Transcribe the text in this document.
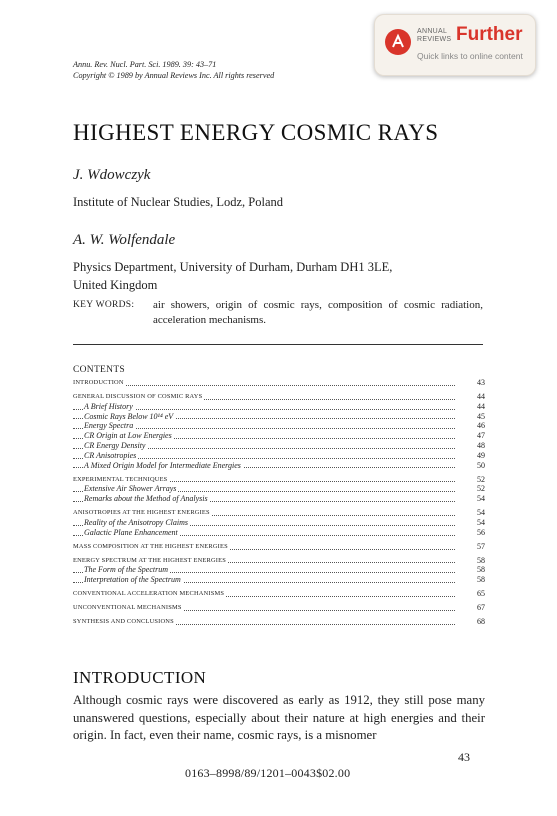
Annu. Rev. Nucl. Part. Sci. 1989. 39: 43–71
Copyright © 1989 by Annual Reviews Inc. All rights reserved
ANNUAL
REVIEWS Further
Quick links to online content
HIGHEST ENERGY COSMIC RAYS
J. Wdowczyk
Institute of Nuclear Studies, Lodz, Poland
A. W. Wolfendale
Physics Department, University of Durham, Durham DH1 3LE,
United Kingdom
KEY WORDS: air showers, origin of cosmic rays, composition of cosmic radiation, acceleration mechanisms.
CONTENTS
INTRODUCTION	43
GENERAL DISCUSSION OF COSMIC RAYS	44
A Brief History	44
Cosmic Rays Below 10¹⁴ eV	45
Energy Spectra	46
CR Origin at Low Energies	47
CR Energy Density	48
CR Anisotropies	49
A Mixed Origin Model for Intermediate Energies	50
EXPERIMENTAL TECHNIQUES	52
Extensive Air Shower Arrays	52
Remarks about the Method of Analysis	54
ANISOTROPIES AT THE HIGHEST ENERGIES	54
Reality of the Anisotropy Claims	54
Galactic Plane Enhancement	56
MASS COMPOSITION AT THE HIGHEST ENERGIES	57
ENERGY SPECTRUM AT THE HIGHEST ENERGIES	58
The Form of the Spectrum	58
Interpretation of the Spectrum	58
CONVENTIONAL ACCELERATION MECHANISMS	65
UNCONVENTIONAL MECHANISMS	67
SYNTHESIS AND CONCLUSIONS	68
INTRODUCTION
Although cosmic rays were discovered as early as 1912, they still pose many unanswered questions, especially about their nature at high energies and their origin. In fact, even their name, cosmic rays, is a misnomer
43
0163–8998/89/1201–0043$02.00
